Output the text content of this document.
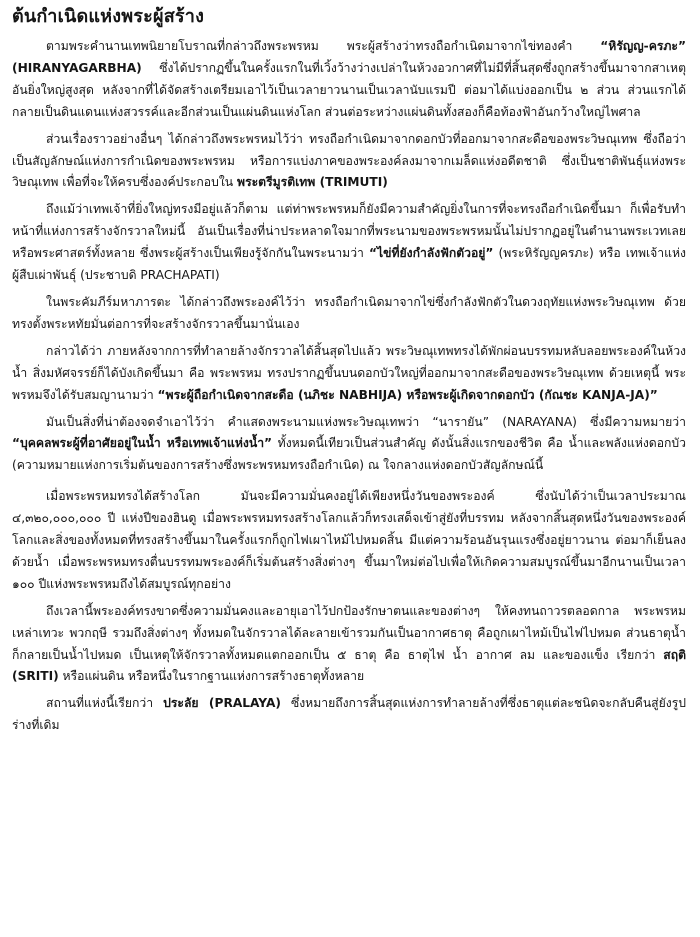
ต้นกำเนิดแห่งพระผู้สร้าง

ตามพระคำนานเทพนิยายโบราณที่กล่าวถึงพระพรหม พระผู้สร้างว่าทรงถือกำเนิดมาจากไข่ทองคำ “หิรัญญ-ครภะ” (HIRANYAGARBHA) ซึ่งได้ปรากฏขึ้นในครั้งแรกในที่เวิ้งว้างว่างเปล่าในห้วงอวกาศที่ไม่มีที่สิ้นสุดซึ่งถูกสร้างขึ้นมาจากสาเหตุอันยิ่งใหญ่สูงสุด หลังจากที่ได้จัดสร้างเตรียมเอาไว้เป็นเวลายาวนานเป็นเวลานับแรมปี ต่อมาได้แบ่งออกเป็น ๒ ส่วน ส่วนแรกได้กลายเป็นดินแดนแห่งสวรรค์และอีกส่วนเป็นแผ่นดินแห่งโลก ส่วนต่อระหว่างแผ่นดินทั้งสองก็คือท้องฟ้าอันกว้างใหญ่ไพศาล

ส่วนเรื่องราวอย่างอื่นๆ ได้กล่าวถึงพระพรหมไว้ว่า ทรงถือกำเนิดมาจากดอกบัวที่ออกมาจากสะดือของพระวิษณุเทพ ซึ่งถือว่าเป็นสัญลักษณ์แห่งการกำเนิดของพระพรหม หรือการแบ่งภาคของพระองค์ลงมาจากเมล็ดแห่งอดีตชาติ ซึ่งเป็นชาติพันธุ์แห่งพระวิษณุเทพ เพื่อที่จะให้ครบซึ่งองค์ประกอบใน พระตรีมูรติเทพ (TRIMUTI)

ถึงแม้ว่าเทพเจ้าที่ยิ่งใหญ่ทรงมีอยู่แล้วก็ตาม แต่ท่าพระพรหมก็ยังมีความสำคัญยิ่งในการที่จะทรงถือกำเนิดขึ้นมา ก็เพื่อรับทำหน้าที่แห่งการสร้างจักรวาลใหม่นี้ อันเป็นเรื่องที่น่าประหลาดใจมากที่พระนามของพระพรหมนั้นไม่ปรากฏอยู่ในตำนานพระเวทเลยหรือพระศาสตร์ทั้งหลาย ซึ่งพระผู้สร้างเป็นเพียงรู้จักกันในพระนามว่า “ไข่ที่ยังกำลังฟักตัวอยู่” (พระหิรัญญครภะ) หรือ เทพเจ้าแห่งผู้สืบเผ่าพันธุ์ (ประชาบดิ PRACHAPATI)

ในพระคัมภีร์มหาภารตะ ได้กล่าวถึงพระองค์ไว้ว่า ทรงถือกำเนิดมาจากไข่ซึ่งกำลังฟักตัวในดวงฤทัยแห่งพระวิษณุเทพ ด้วยทรงตั้งพระหทัยมั่นต่อการที่จะสร้างจักรวาลขึ้นมานั่นเอง

กล่าวได้ว่า ภายหลังจากการที่ทำลายล้างจักรวาลได้สิ้นสุดไปแล้ว พระวิษณุเทพทรงได้พักผ่อนบรรทมหลับลอยพระองค์ในห้วงน้ำ สิ่งมหัศจรรย์ก็ได้บังเกิดขึ้นมา คือ พระพรหม ทรงปรากฏขึ้นบนดอกบัวใหญ่ที่ออกมาจากสะดือของพระวิษณุเทพ ด้วยเหตุนี้ พระพรหมจึงได้รับสมญานามว่า “พระผู้ถือกำเนิดจากสะดือ (นภิชะ NABHIJA) หรือพระผู้เกิดจากดอกบัว (กัณชะ KANJA-JA)”

มันเป็นสิ่งที่น่าต้องจดจำเอาไว้ว่า คำแสดงพระนามแห่งพระวิษณุเทพว่า “นารายัน” (NARAYANA) ซึ่งมีความหมายว่า “บุคคลพระผู้ที่อาศัยอยู่ในน้ำ หรือเทพเจ้าแห่งน้ำ” ทั้งหมดนี้เทียวเป็นส่วนสำคัญ ดังนั้นสิ่งแรกของชีวิต คือ น้ำและพลังแห่งดอกบัว (ความหมายแห่งการเริ่มต้นของการสร้างซึ่งพระพรหมทรงถือกำเนิด) ณ ใจกลางแห่งดอกบัวสัญลักษณ์นี้

เมื่อพระพรหมทรงได้สร้างโลก มันจะมีความมั่นคงอยู่ได้เพียงหนึ่งวันของพระองค์ ซึ่งนับได้ว่าเป็นเวลาประมาณ ๔,๓๒๐,๐๐๐,๐๐๐ ปี แห่งปีของฮินดู เมื่อพระพรหมทรงสร้างโลกแล้วก็ทรงเสด็จเข้าสู่ยังที่บรรทม หลังจากสิ้นสุดหนึ่งวันของพระองค์ โลกและสิ่งของทั้งหมดที่ทรงสร้างขึ้นมาในครั้งแรกก็ถูกไฟเผาไหม้ไปหมดสิ้น มีแต่ความร้อนอันรุนแรงซึ่งอยู่ยาวนาน ต่อมาก็เย็นลงด้วยน้ำ เมื่อพระพรหมทรงตื่นบรรทมพระองค์ก็เริ่มต้นสร้างสิ่งต่างๆ ขึ้นมาใหม่ต่อไปเพื่อให้เกิดความสมบูรณ์ขึ้นมาอีกนานเป็นเวลา ๑๐๐ ปีแห่งพระพรหมถึงได้สมบูรณ์ทุกอย่าง

ถึงเวลานี้พระองค์ทรงขาดซึ่งความมั่นคงและอายุเอาไว้ปกป้องรักษาตนและของต่างๆ ให้คงทนถาวรตลอดกาล พระพรหม เหล่าเทวะ พวกฤษี รวมถึงสิ่งต่างๆ ทั้งหมดในจักรวาลได้ละลายเข้ารวมกันเป็นอากาศธาตุ คือถูกเผาไหม้เป็นไฟไปหมด ส่วนธาตุน้ำก็กลายเป็นน้ำไปหมด เป็นเหตุให้จักรวาลทั้งหมดแตกออกเป็น ๕ ธาตุ คือ ธาตุไฟ น้ำ อากาศ ลม และของแข็ง เรียกว่า สฤติ (SRITI) หรือแผ่นดิน หรือหนึ่งในรากฐานแห่งการสร้างธาตุทั้งหลาย

สถานที่แห่งนี้เรียกว่า ประลัย (PRALAYA) ซึ่งหมายถึงการสิ้นสุดแห่งการทำลายล้างที่ซึ่งธาตุแต่ละชนิดจะกลับคืนสู่ยังรูปร่างที่เดิม
